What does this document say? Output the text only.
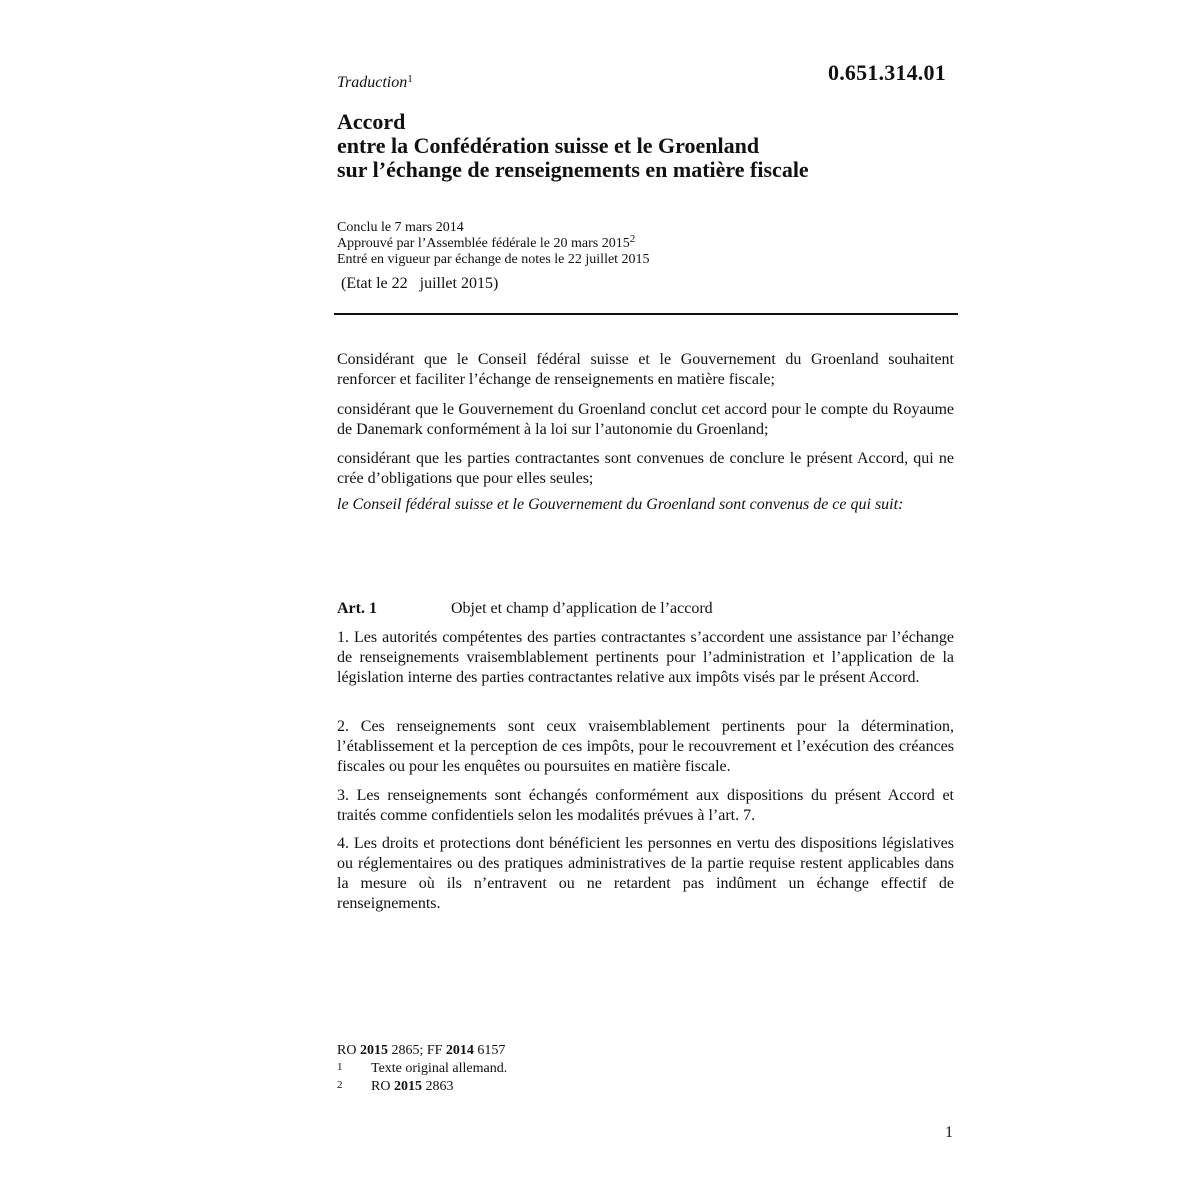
Traduction$^1$	0.651.314.01
Accord
entre la Confédération suisse et le Groenland
sur l’échange de renseignements en matière fiscale
Conclu le 7 mars 2014
Approuvé par l’Assemblée fédérale le 20 mars 2015$^2$
Entré en vigueur par échange de notes le 22 juillet 2015
(Etat le 22   juillet 2015)
Considérant que le Conseil fédéral suisse et le Gouvernement du Groenland souhaitent renforcer et faciliter l’échange de renseignements en matière fiscale;
considérant que le Gouvernement du Groenland conclut cet accord pour le compte du Royaume de Danemark conformément à la loi sur l’autonomie du Groenland;
considérant que les parties contractantes sont convenues de conclure le présent Accord, qui ne crée d’obligations que pour elles seules;
le Conseil fédéral suisse et le Gouvernement du Groenland sont convenus de ce qui suit:
Art. 1	Objet et champ d’application de l’accord
1. Les autorités compétentes des parties contractantes s’accordent une assistance par l’échange de renseignements vraisemblablement pertinents pour l’administration et l’application de la législation interne des parties contractantes relative aux impôts visés par le présent Accord.
2. Ces renseignements sont ceux vraisemblablement pertinents pour la détermination, l’établissement et la perception de ces impôts, pour le recouvrement et l’exécution des créances fiscales ou pour les enquêtes ou poursuites en matière fiscale.
3. Les renseignements sont échangés conformément aux dispositions du présent Accord et traités comme confidentiels selon les modalités prévues à l’art. 7.
4. Les droits et protections dont bénéficient les personnes en vertu des dispositions législatives ou réglementaires ou des pratiques administratives de la partie requise restent applicables dans la mesure où ils n’entravent ou ne retardent pas indûment un échange effectif de renseignements.
RO 2015 2865; FF 2014 6157
1 Texte original allemand.
2 RO 2015 2863
1
